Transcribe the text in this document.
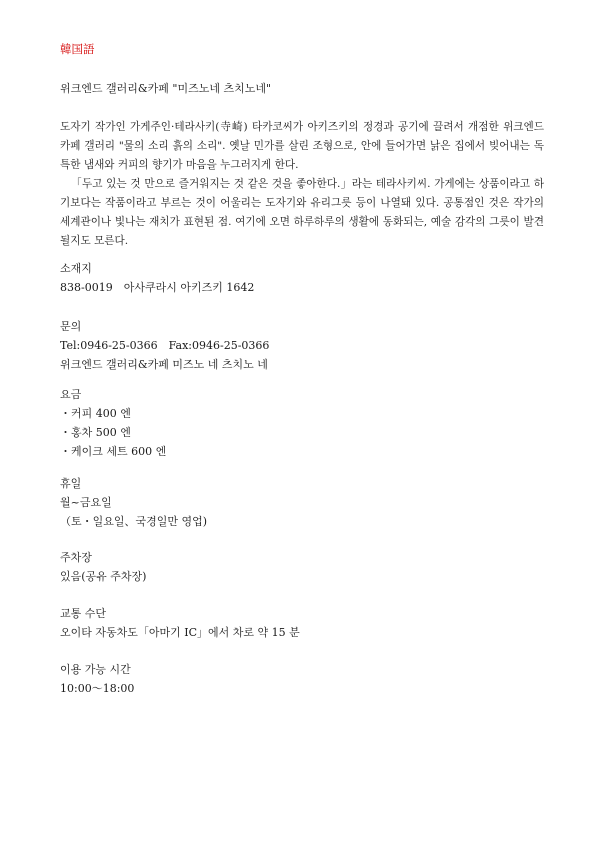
韓国語
위크엔드 갤러리&카페 "미즈노네 츠치노네"

도자기 작가인 가게주인·테라사키(寺崎) 타카코씨가 아키즈키의 정경과 공기에 끌려서 개점한 위크엔드 카페 갤러리 "물의 소리 흙의 소리". 옛날 민가를 살린 조형으로, 안에 들어가면 낡은 집에서 빚어내는 독특한 냄새와 커피의 향기가 마음을 누그러지게 한다.

「두고 있는 것 만으로 즐거워지는 것 같은 것을 좋아한다.」라는 테라사키씨. 가게에는 상품이라고 하기보다는 작품이라고 부르는 것이 어울리는 도자기와 유리그릇 등이 나열돼 있다. 공통점인 것은 작가의 세계관이나 빛나는 재치가 표현된 점. 여기에 오면 하루하루의 생활에 동화되는, 예술 감각의 그릇이 발견될지도 모른다.

소재지
838-0019　아사쿠라시 아키즈키 1642
문의
Tel:0946-25-0366　Fax:0946-25-0366
위크엔드 갤러리&카페 미즈노 네 츠치노 네
요금
・커피 400 엔
・홍차 500 엔
・케이크 세트 600 엔
휴일
월~금요일
（토・일요일、국경일만 영업)
주차장
있음(공유 주차장)
교통 수단
오이타 자동차도「아마기 IC」에서 차로 약 15 분
이용 가능 시간
10:00～18:00
